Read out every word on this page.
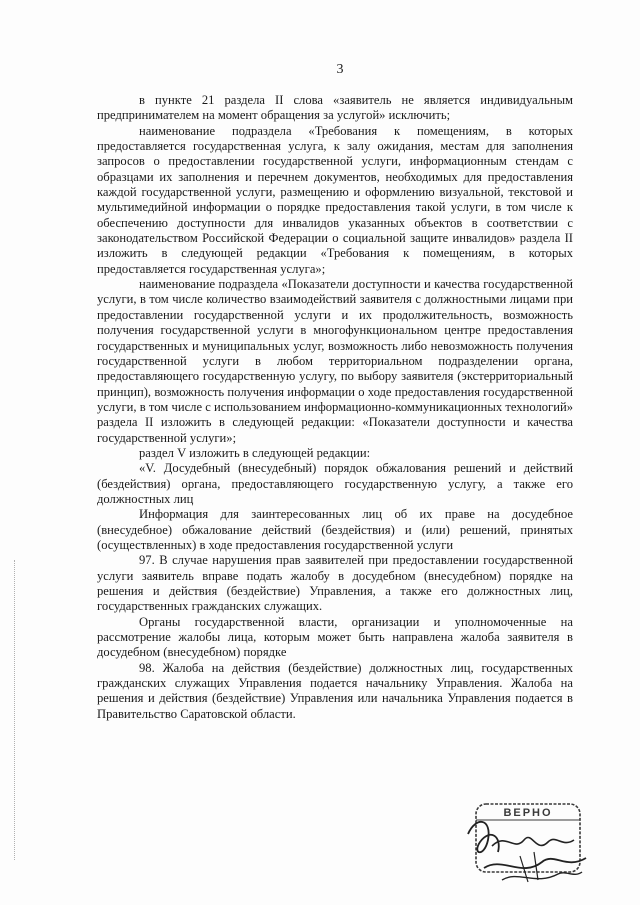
3

в пункте 21 раздела II слова «заявитель не является индивидуальным предпринимателем на момент обращения за услугой» исключить;

наименование подраздела «Требования к помещениям, в которых предоставляется государственная услуга, к залу ожидания, местам для заполнения запросов о предоставлении государственной услуги, информационным стендам с образцами их заполнения и перечнем документов, необходимых для предоставления каждой государственной услуги, размещению и оформлению визуальной, текстовой и мультимедийной информации о порядке предоставления такой услуги, в том числе к обеспечению доступности для инвалидов указанных объектов в соответствии с законодательством Российской Федерации о социальной защите инвалидов» раздела II изложить в следующей редакции «Требования к помещениям, в которых предоставляется государственная услуга»;

наименование подраздела «Показатели доступности и качества государственной услуги, в том числе количество взаимодействий заявителя с должностными лицами при предоставлении государственной услуги и их продолжительность, возможность получения государственной услуги в многофункциональном центре предоставления государственных и муниципальных услуг, возможность либо невозможность получения государственной услуги в любом территориальном подразделении органа, предоставляющего государственную услугу, по выбору заявителя (экстерриториальный принцип), возможность получения информации о ходе предоставления государственной услуги, в том числе с использованием информационно-коммуникационных технологий» раздела II изложить в следующей редакции: «Показатели доступности и качества государственной услуги»;

раздел V изложить в следующей редакции:

«V. Досудебный (внесудебный) порядок обжалования решений и действий (бездействия) органа, предоставляющего государственную услугу, а также его должностных лиц

Информация для заинтересованных лиц об их праве на досудебное (внесудебное) обжалование действий (бездействия) и (или) решений, принятых (осуществленных) в ходе предоставления государственной услуги

97. В случае нарушения прав заявителей при предоставлении государственной услуги заявитель вправе подать жалобу в досудебном (внесудебном) порядке на решения и действия (бездействие) Управления, а также его должностных лиц, государственных гражданских служащих.

Органы государственной власти, организации и уполномоченные на рассмотрение жалобы лица, которым может быть направлена жалоба заявителя в досудебном (внесудебном) порядке

98. Жалоба на действия (бездействие) должностных лиц, государственных гражданских служащих Управления подается начальнику Управления. Жалоба на решения и действия (бездействие) Управления или начальника Управления подается в Правительство Саратовской области.

ВЕРНО
